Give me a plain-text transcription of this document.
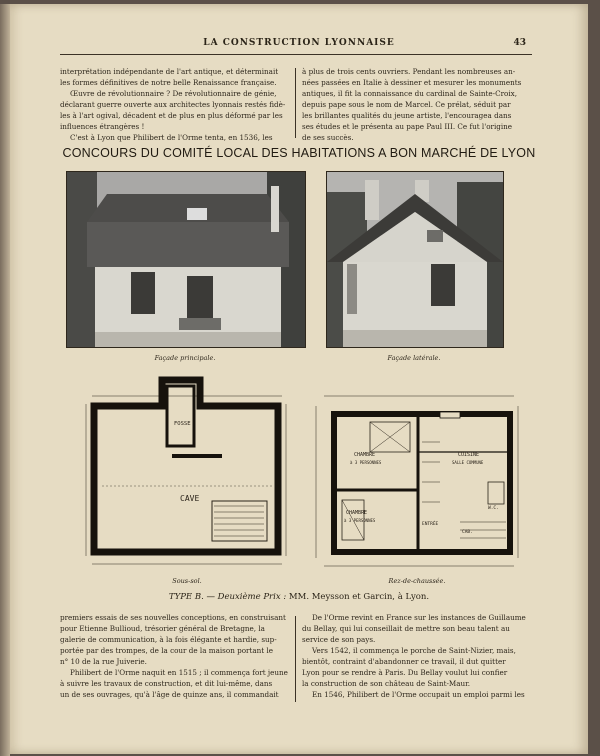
LA CONSTRUCTION LYONNAISE	43

interprétation indépendante de l'art antique, et déterminait

les formes définitives de notre belle Renaissance française.

Œuvre de révolutionnaire ? De révolutionnaire de génie,

déclarant guerre ouverte aux architectes lyonnais restés fidè-

les à l'art ogival, décadent et de plus en plus déformé par les

influences étrangères !

C'est à Lyon que Philibert de l'Orme tenta, en 1536, les

à plus de trois cents ouvriers. Pendant les nombreuses an-

nées passées en Italie à dessiner et mesurer les monuments

antiques, il fit la connaissance du cardinal de Sainte-Croix,

depuis pape sous le nom de Marcel. Ce prélat, séduit par

les brillantes qualités du jeune artiste, l'encouragea dans

ses études et le présenta au pape Paul III. Ce fut l'origine

de ses succès.

CONCOURS DU COMITÉ LOCAL DES HABITATIONS A BON MARCHÉ DE LYON
Façade principale.	Façade latérale.
FOSSE
CAVE
Sous-sol.
CHAMBRE
à 3 PERSONNES
CHAMBRE
à 3 PERSONNES
CUISINE
SALLE COMMUNE
ENTRÉE
W.C.
CAB.
Rez-de-chaussée.
TYPE B. — Deuxième Prix : MM. Meysson et Garcin, à Lyon.

premiers essais de ses nouvelles conceptions, en construisant

pour Etienne Bullioud, trésorier général de Bretagne, la

galerie de communication, à la fois élégante et hardie, sup-

portée par des trompes, de la cour de la maison portant le

n° 10 de la rue Juiverie.

Philibert de l'Orme naquit en 1515 ; il commença fort jeune

à suivre les travaux de construction, et dit lui-même, dans

un de ses ouvrages, qu'à l'âge de quinze ans, il commandait

De l'Orme revint en France sur les instances de Guillaume

du Bellay, qui lui conseillait de mettre son beau talent au

service de son pays.

Vers 1542, il commença le porche de Saint-Nizier, mais,

bientôt, contraint d'abandonner ce travail, il dut quitter

Lyon pour se rendre à Paris. Du Bellay voulut lui confier

la construction de son château de Saint-Maur.

En 1546, Philibert de l'Orme occupait un emploi parmi les
